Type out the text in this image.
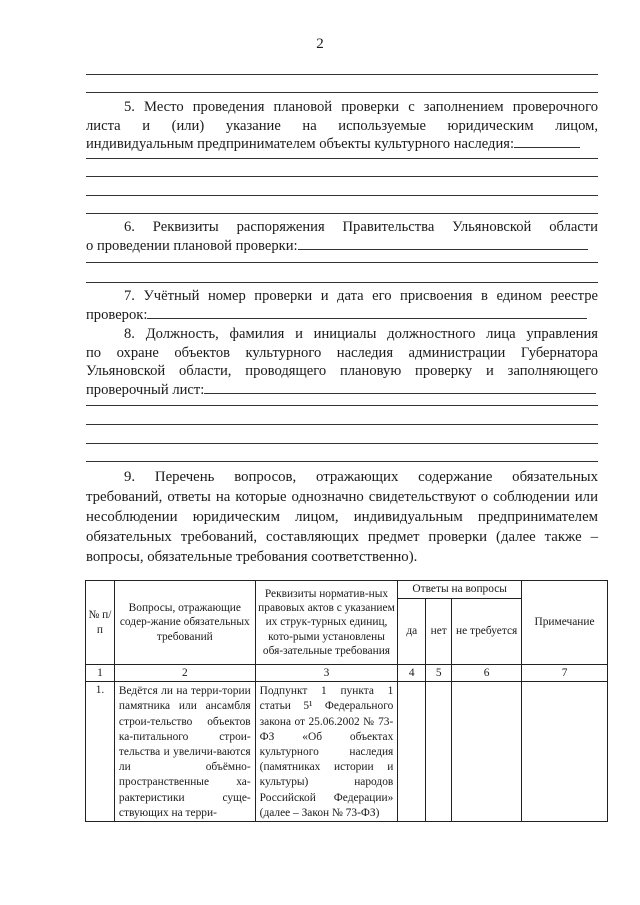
2
5. Место проведения плановой проверки с заполнением проверочного
листа и (или) указание на используемые юридическим лицом,
индивидуальным предпринимателем объекты культурного наследия:
6. Реквизиты распоряжения Правительства Ульяновской области
о проведении плановой проверки:
7. Учётный номер проверки и дата его присвоения в едином реестре
проверок:
8. Должность, фамилия и инициалы должностного лица управления
по охране объектов культурного наследия администрации Губернатора
Ульяновской области, проводящего плановую проверку и заполняющего
проверочный лист:
9. Перечень вопросов, отражающих содержание обязательных
требований, ответы на которые однозначно свидетельствуют о соблюдении или
несоблюдении юридическим лицом, индивидуальным предпринимателем
обязательных требований, составляющих предмет проверки (далее также –
вопросы, обязательные требования соответственно).
№ п/п	Вопросы, отражающие содер-жание обязательных требований	Реквизиты норматив-ных правовых актов с указанием их струк-турных единиц, кото-рыми установлены обя-зательные требования	Ответы на вопросы			Примечание
			да	нет	не требуется	
1	2	3	4	5	6	7
1.	Ведётся ли на терри-тории памятника или ансамбля строи-тельство объектов ка-питального строи-тельства и увеличи-ваются ли объёмно-пространственные ха-рактеристики суще-ствующих на терри-	Подпункт 1 пункта 1 статьи 5¹ Федерального закона от 25.06.2002 № 73-ФЗ «Об объектах культурного наследия (памятниках истории и культуры) народов Российской Федерации» (далее – Закон № 73-ФЗ)				
